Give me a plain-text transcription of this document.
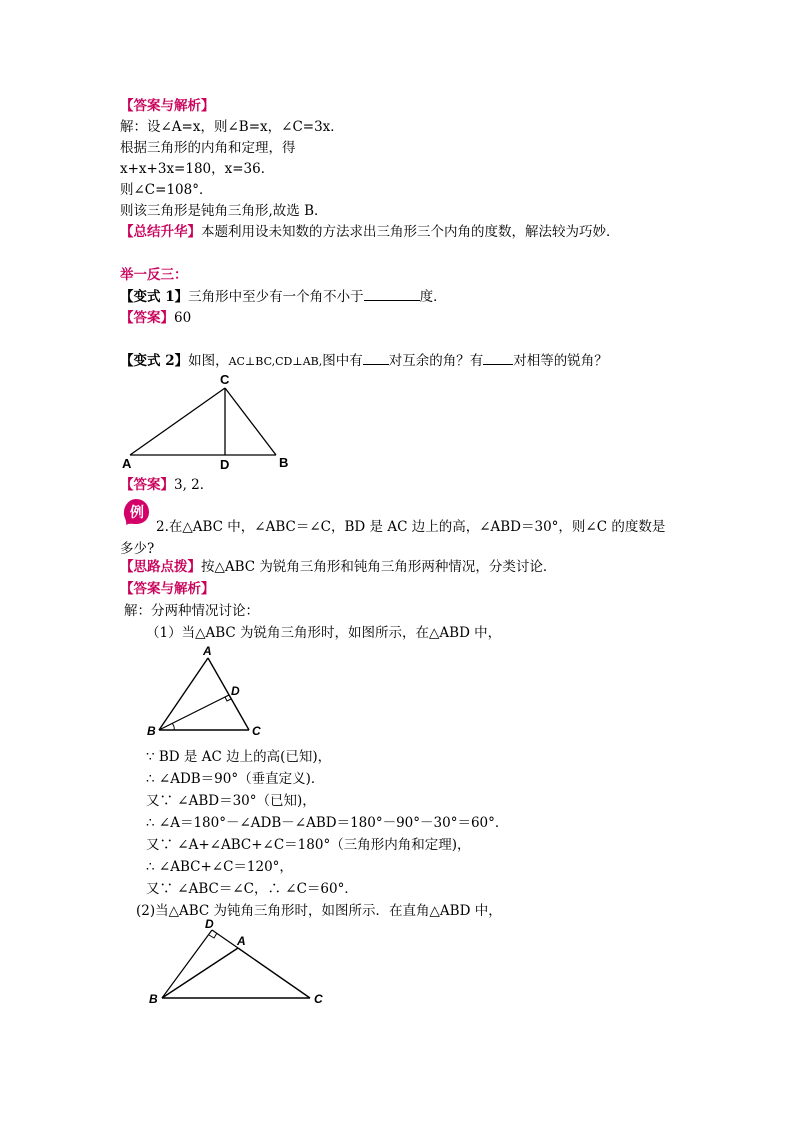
【答案与解析】
解：设∠A=x，则∠B=x，∠C=3x．
根据三角形的内角和定理，得
x+x+3x=180，x=36．
则∠C=108°．
则该三角形是钝角三角形,故选 B．
【总结升华】本题利用设未知数的方法求出三角形三个内角的度数，解法较为巧妙．
举一反三：
【变式 1】三角形中至少有一个角不小于	度．
【答案】60
【变式 2】如图，AC⊥BC,CD⊥AB,图中有 对互余的角？有 对相等的锐角？
C
A	D	B
【答案】3, 2．
例
2.在△ABC 中，∠ABC＝∠C，BD 是 AC 边上的高，∠ABD＝30°，则∠C 的度数是
多少?
【思路点拨】按△ABC 为锐角三角形和钝角三角形两种情况，分类讨论．
【答案与解析】
解：分两种情况讨论：
（1）当△ABC 为锐角三角形时，如图所示，在△ABD 中，
A
D
B	C
∵ BD 是 AC 边上的高(已知)，
∴ ∠ADB＝90°（垂直定义)．
又∵ ∠ABD＝30°（已知)，
∴ ∠A＝180°－∠ADB－∠ABD＝180°－90°－30°＝60°．
又∵ ∠A+∠ABC+∠C＝180°（三角形内角和定理)，
∴ ∠ABC+∠C＝120°，
又∵ ∠ABC＝∠C，∴ ∠C＝60°．
(2)当△ABC 为钝角三角形时，如图所示．在直角△ABD 中，
D
A
B	C
